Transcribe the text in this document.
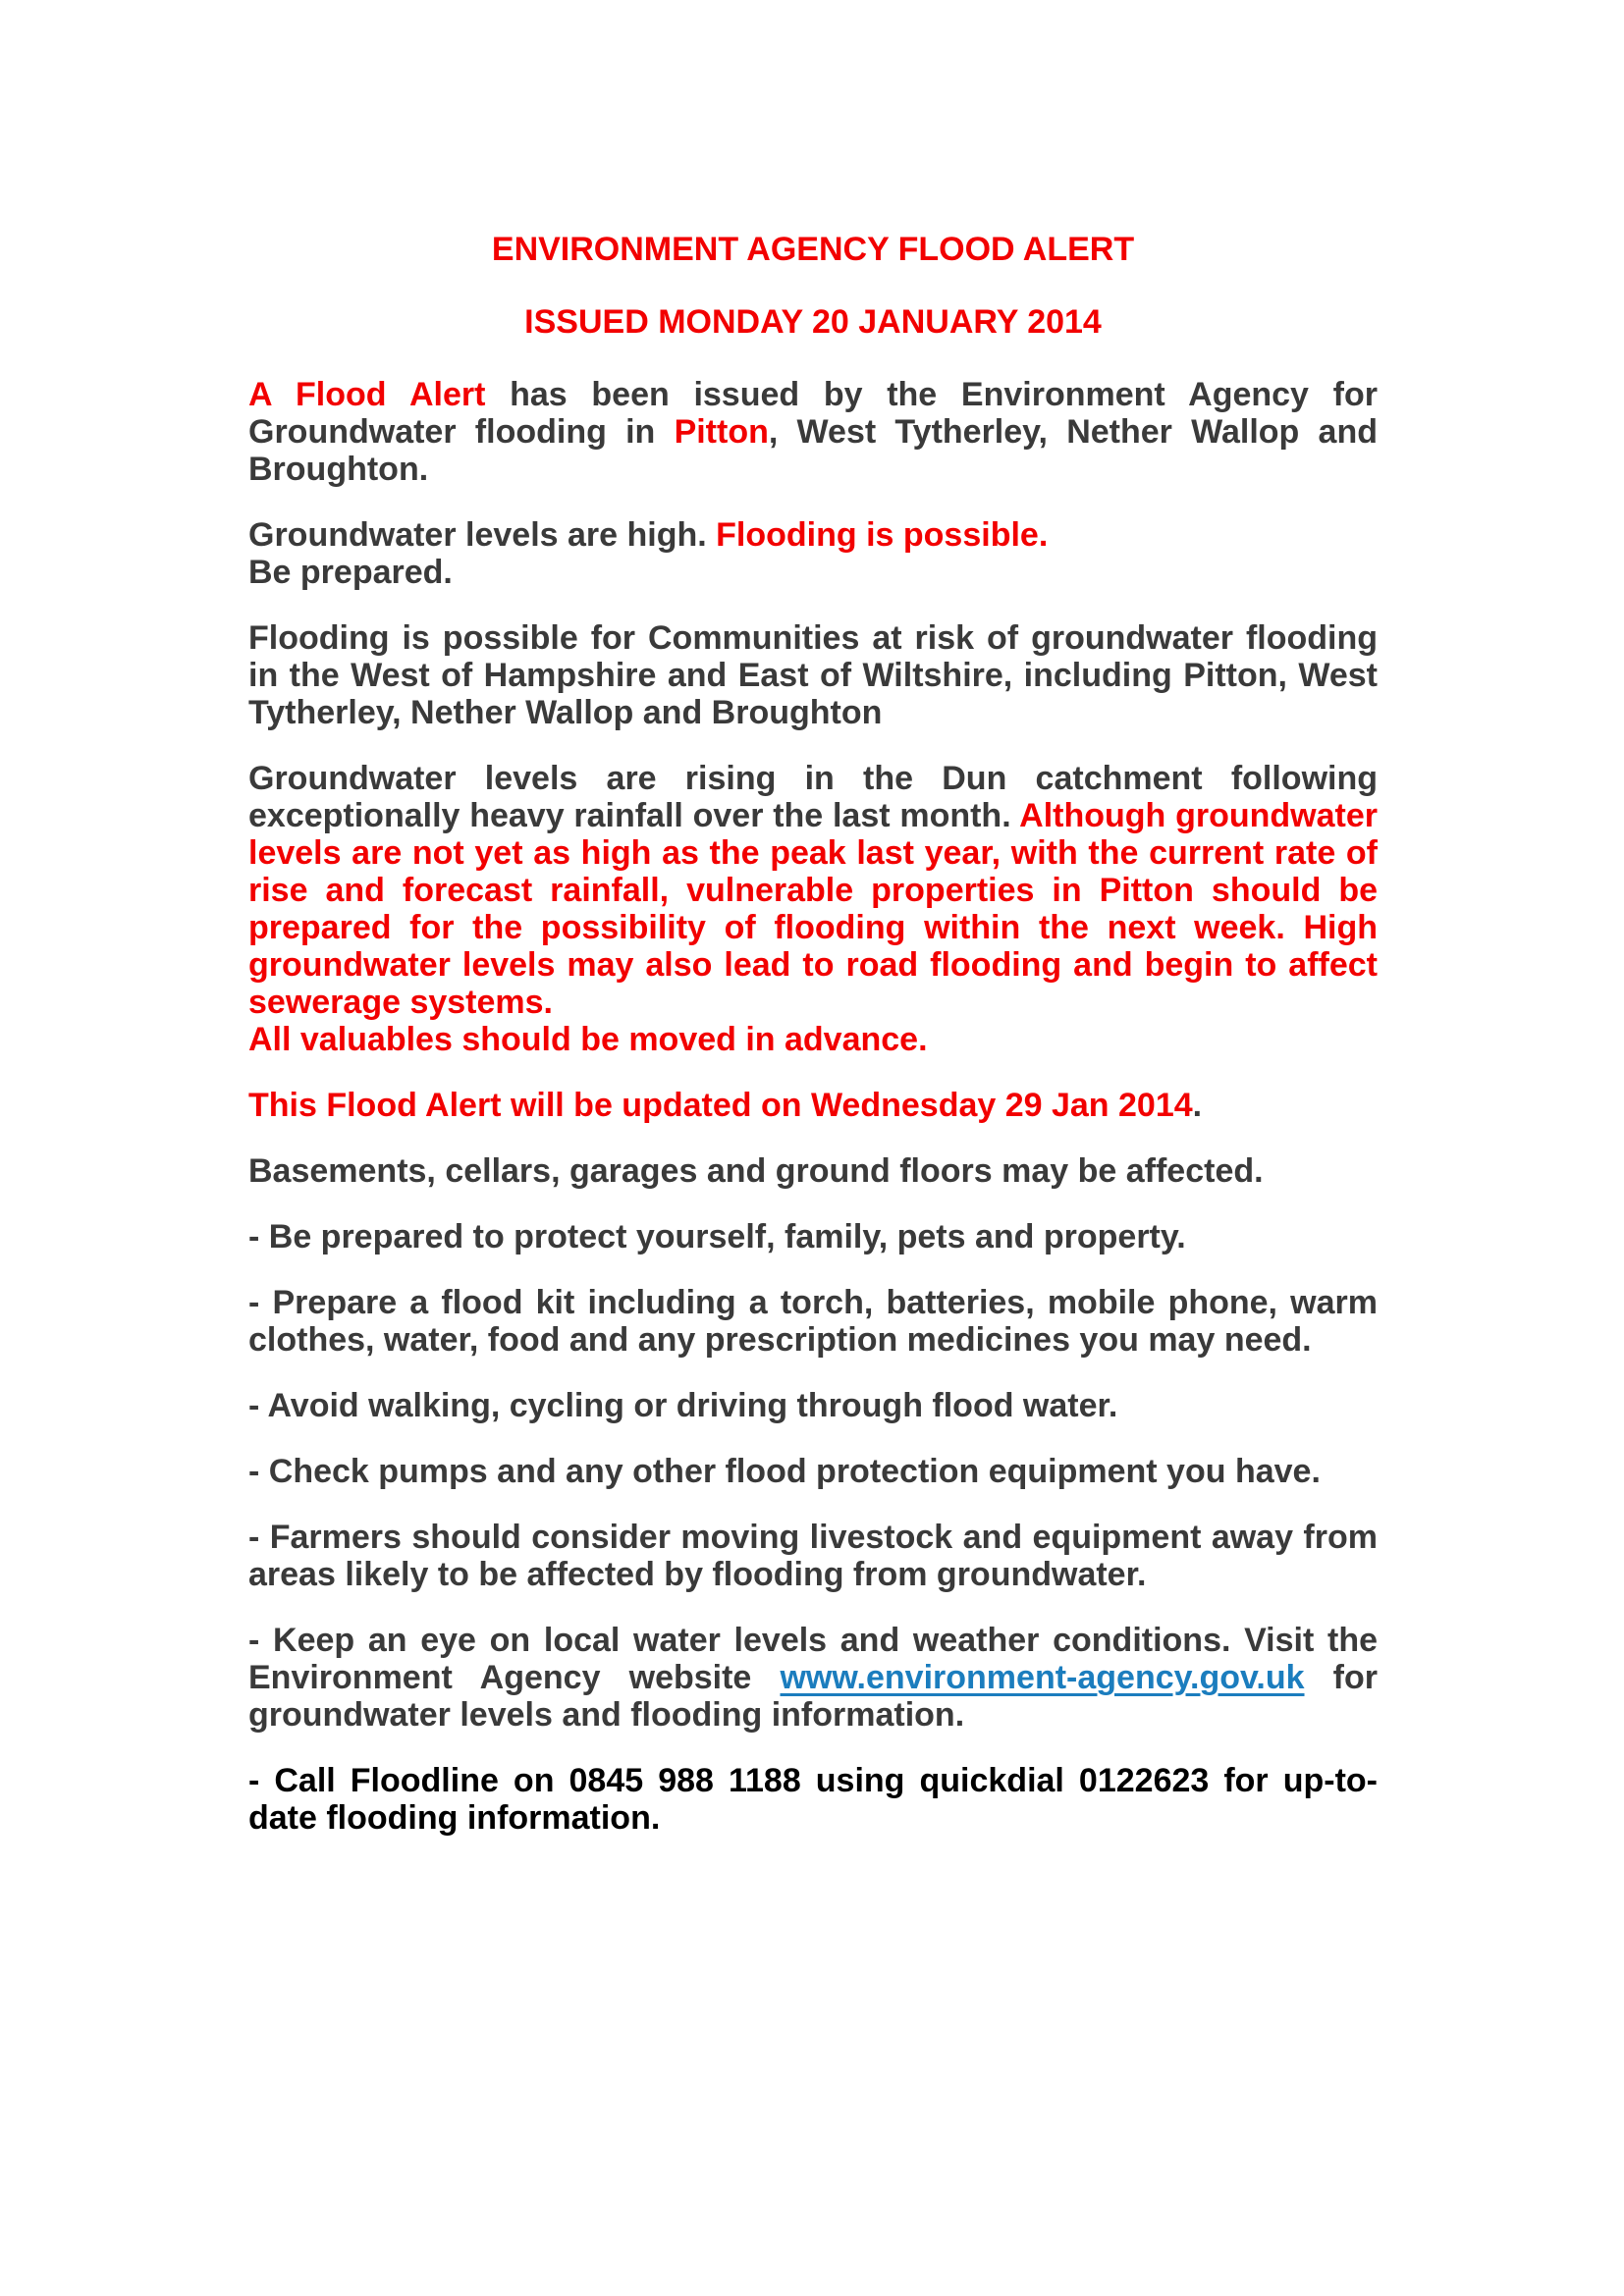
ENVIRONMENT AGENCY FLOOD ALERT

ISSUED MONDAY 20 JANUARY 2014

A Flood Alert has been issued by the Environment Agency for Groundwater flooding in Pitton, West Tytherley, Nether Wallop and Broughton.

Groundwater levels are high. Flooding is possible.
Be prepared.

Flooding is possible for Communities at risk of groundwater flooding in the West of Hampshire and East of Wiltshire, including Pitton, West Tytherley, Nether Wallop and Broughton

Groundwater levels are rising in the Dun catchment following exceptionally heavy rainfall over the last month. Although groundwater levels are not yet as high as the peak last year, with the current rate of rise and forecast rainfall, vulnerable properties in Pitton should be prepared for the possibility of flooding within the next week. High groundwater levels may also lead to road flooding and begin to affect sewerage systems.
All valuables should be moved in advance.

This Flood Alert will be updated on Wednesday 29 Jan 2014.

Basements, cellars, garages and ground floors may be affected.

- Be prepared to protect yourself, family, pets and property.

- Prepare a flood kit including a torch, batteries, mobile phone, warm clothes, water, food and any prescription medicines you may need.

- Avoid walking, cycling or driving through flood water.

- Check pumps and any other flood protection equipment you have.

- Farmers should consider moving livestock and equipment away from areas likely to be affected by flooding from groundwater.

- Keep an eye on local water levels and weather conditions. Visit the Environment Agency website www.environment-agency.gov.uk for groundwater levels and flooding information.

- Call Floodline on 0845 988 1188 using quickdial 0122623 for up-to-date flooding information.
